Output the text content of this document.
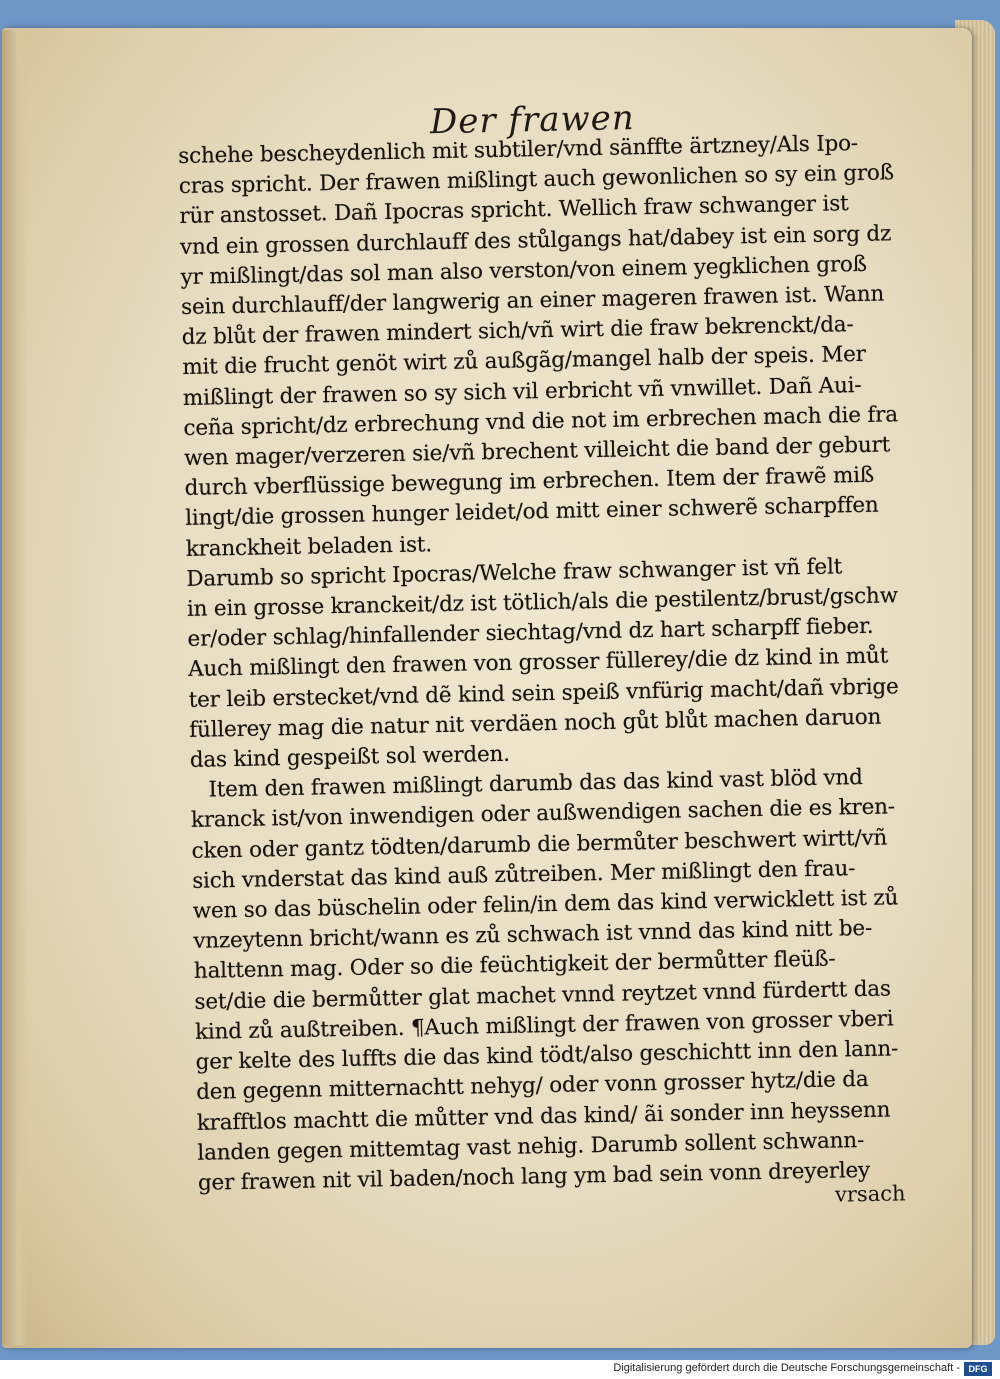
Der frawen
schehe bescheydenlich mit subtiler/vnd sänffte ärtzney/Als Ipo-
cras spricht. Der frawen mißlingt auch gewonlichen so sy ein groß
rür anstosset. Dañ Ipocras spricht. Wellich fraw schwanger ist
vnd ein grossen durchlauff des stůlgangs hat/dabey ist ein sorg dz
yr mißlingt/das sol man also verston/von einem yegklichen groß
sein durchlauff/der langwerig an einer mageren frawen ist. Wann
dz blůt der frawen mindert sich/vñ wirt die fraw bekrenckt/da-
mit die frucht genöt wirt zů außgãg/mangel halb der speis. Mer
mißlingt der frawen so sy sich vil erbricht vñ vnwillet. Dañ Aui-
ceña spricht/dz erbrechung vnd die not im erbrechen mach die fra
wen mager/verzeren sie/vñ brechent villeicht die band der geburt
durch vberflüssige bewegung im erbrechen. Item der frawẽ miß
lingt/die grossen hunger leidet/od mitt einer schwerẽ scharpffen
kranckheit beladen ist.
Darumb so spricht Ipocras/Welche fraw schwanger ist vñ felt
in ein grosse kranckeit/dz ist tötlich/als die pestilentz/brust/gschw
er/oder schlag/hinfallender siechtag/vnd dz hart scharpff fieber.
Auch mißlingt den frawen von grosser füllerey/die dz kind in můt
ter leib erstecket/vnd dẽ kind sein speiß vnfürig macht/dañ vbrige
füllerey mag die natur nit verdäen noch gůt blůt machen daruon
das kind gespeißt sol werden.
Item den frawen mißlingt darumb das das kind vast blöd vnd
kranck ist/von inwendigen oder außwendigen sachen die es kren-
cken oder gantz tödten/darumb die bermůter beschwert wirtt/vñ
sich vnderstat das kind auß zůtreiben. Mer mißlingt den frau-
wen so das büschelin oder felin/in dem das kind verwicklett ist zů
vnzeytenn bricht/wann es zů schwach ist vnnd das kind nitt be-
halttenn mag. Oder so die feüchtigkeit der bermůtter fleüß-
set/die die bermůtter glat machet vnnd reytzet vnnd fürdertt das
kind zů außtreiben. ¶Auch mißlingt der frawen von grosser vberi
ger kelte des luffts die das kind tödt/also geschichtt inn den lann-
den gegenn mitternachtt nehyg/ oder vonn grosser hytz/die da
krafftlos machtt die můtter vnd das kind/ ãi sonder inn heyssenn
landen gegen mittemtag vast nehig. Darumb sollent schwann-
ger frawen nit vil baden/noch lang ym bad sein vonn dreyerley
vrsach
Digitalisierung gefördert durch die Deutsche Forschungsgemeinschaft - DFG
